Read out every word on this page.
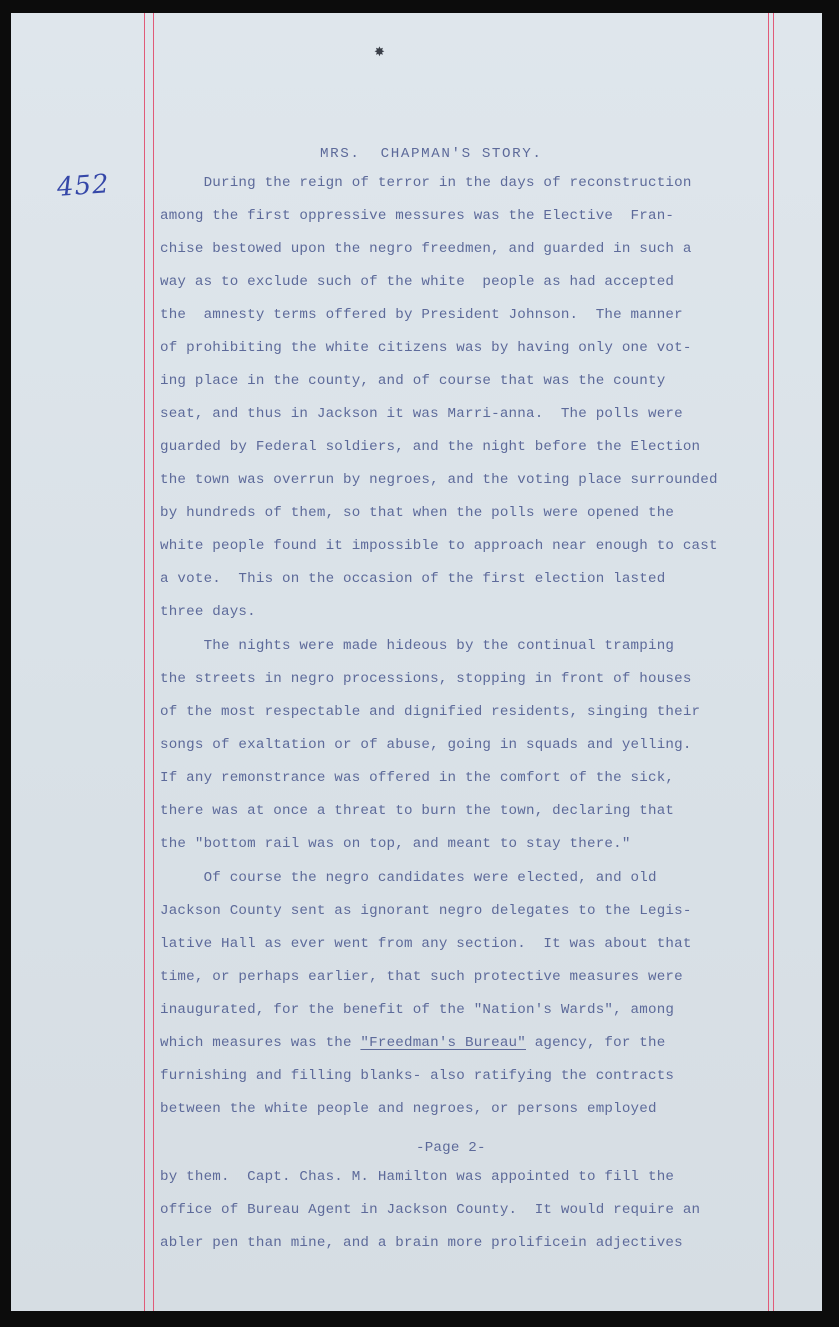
✸
452
MRS.  CHAPMAN'S STORY.
During the reign of terror in the days of reconstruction
among the first oppressive messures was the Elective  Fran-
chise bestowed upon the negro freedmen, and guarded in such a
way as to exclude such of the white  people as had accepted
the  amnesty terms offered by President Johnson.  The manner
of prohibiting the white citizens was by having only one vot-
ing place in the county, and of course that was the county
seat, and thus in Jackson it was Marri-anna.  The polls were
guarded by Federal soldiers, and the night before the Election
the town was overrun by negroes, and the voting place surrounded
by hundreds of them, so that when the polls were opened the
white people found it impossible to approach near enough to cast
a vote.  This on the occasion of the first election lasted
three days.
The nights were made hideous by the continual tramping
the streets in negro processions, stopping in front of houses
of the most respectable and dignified residents, singing their
songs of exaltation or of abuse, going in squads and yelling.
If any remonstrance was offered in the comfort of the sick,
there was at once a threat to burn the town, declaring that
the "bottom rail was on top, and meant to stay there."
Of course the negro candidates were elected, and old
Jackson County sent as ignorant negro delegates to the Legis-
lative Hall as ever went from any section.  It was about that
time, or perhaps earlier, that such protective measures were
inaugurated, for the benefit of the "Nation's Wards", among
which measures was the "Freedman's Bureau" agency, for the
furnishing and filling blanks- also ratifying the contracts
between the white people and negroes, or persons employed
-Page 2-
by them.  Capt. Chas. M. Hamilton was appointed to fill the
office of Bureau Agent in Jackson County.  It would require an
abler pen than mine, and a brain more prolificein adjectives
